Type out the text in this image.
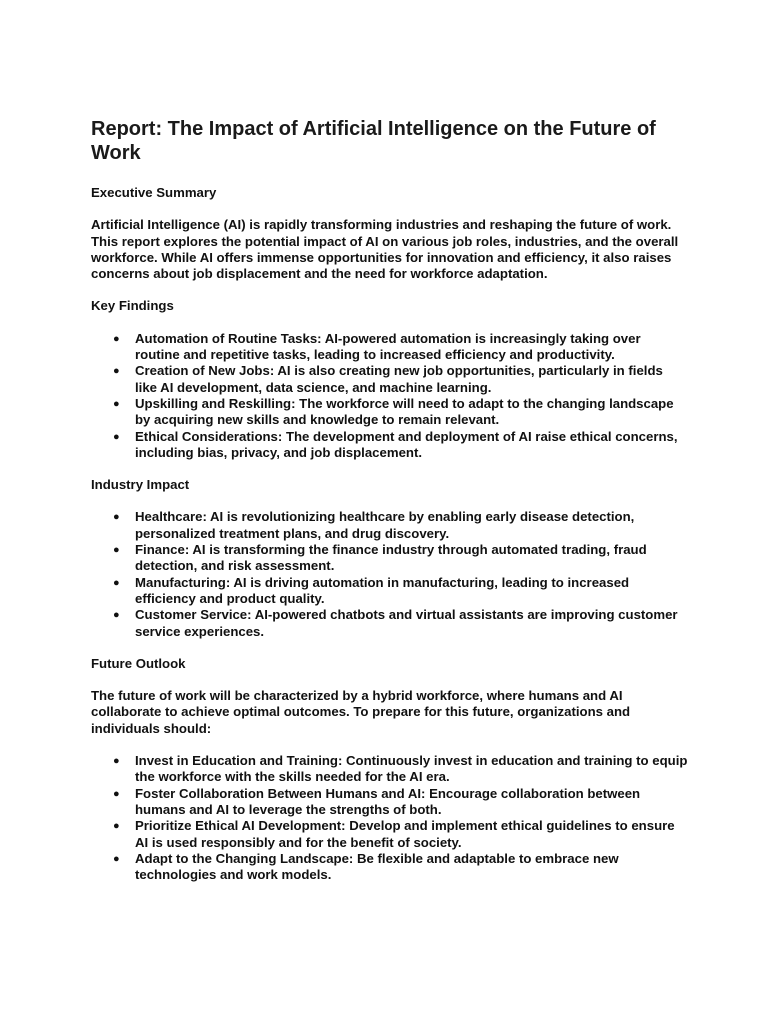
Report: The Impact of Artificial Intelligence on the Future of Work
Executive Summary

Artificial Intelligence (AI) is rapidly transforming industries and reshaping the future of work. This report explores the potential impact of AI on various job roles, industries, and the overall workforce. While AI offers immense opportunities for innovation and efficiency, it also raises concerns about job displacement and the need for workforce adaptation.

Key Findings
● Automation of Routine Tasks: AI-powered automation is increasingly taking over routine and repetitive tasks, leading to increased efficiency and productivity.
● Creation of New Jobs: AI is also creating new job opportunities, particularly in fields like AI development, data science, and machine learning.
● Upskilling and Reskilling: The workforce will need to adapt to the changing landscape by acquiring new skills and knowledge to remain relevant.
● Ethical Considerations: The development and deployment of AI raise ethical concerns, including bias, privacy, and job displacement.
Industry Impact
● Healthcare: AI is revolutionizing healthcare by enabling early disease detection, personalized treatment plans, and drug discovery.
● Finance: AI is transforming the finance industry through automated trading, fraud detection, and risk assessment.
● Manufacturing: AI is driving automation in manufacturing, leading to increased efficiency and product quality.
● Customer Service: AI-powered chatbots and virtual assistants are improving customer service experiences.
Future Outlook

The future of work will be characterized by a hybrid workforce, where humans and AI collaborate to achieve optimal outcomes. To prepare for this future, organizations and individuals should:

● Invest in Education and Training: Continuously invest in education and training to equip the workforce with the skills needed for the AI era.
● Foster Collaboration Between Humans and AI: Encourage collaboration between humans and AI to leverage the strengths of both.
● Prioritize Ethical AI Development: Develop and implement ethical guidelines to ensure AI is used responsibly and for the benefit of society.
● Adapt to the Changing Landscape: Be flexible and adaptable to embrace new technologies and work models.
